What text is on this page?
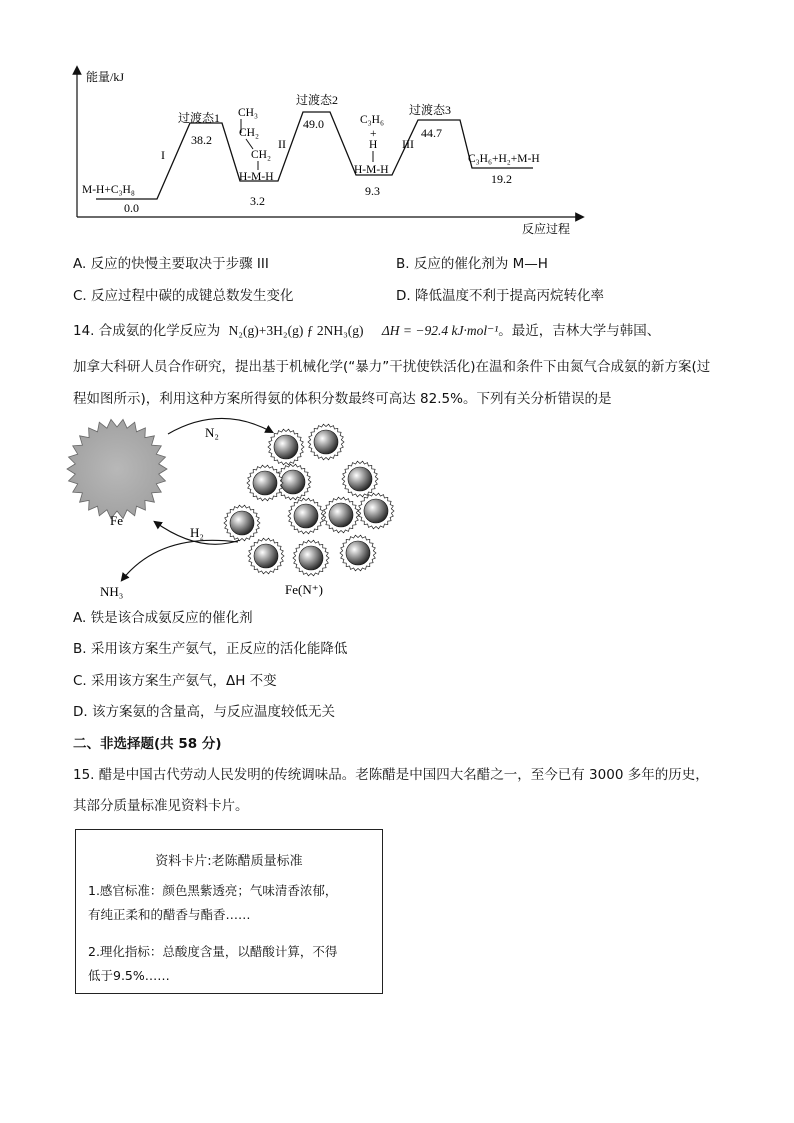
能量/kJ
反应过程
M-H+C₃H₈
0.0
过渡态1
38.2
I
CH₃
CH₂
CH₂
H-M-H
3.2
II
过渡态2
49.0	C₃H₆
+
H
H-M-H
9.3
III
过渡态3
44.7
C₃H₆+H₂+M-H
19.2
A. 反应的快慢主要取决于步骤 III	B. 反应的催化剂为 M—H
C. 反应过程中碳的成键总数发生变化	D. 降低温度不利于提高丙烷转化率
14. 合成氨的化学反应为 N₂(g)+3H₂(g) ƒ 2NH₃(g) ΔH = −92.4 kJ·mol⁻¹。最近，吉林大学与韩国、
加拿大科研人员合作研究，提出基于机械化学(“暴力”干扰使铁活化)在温和条件下由氮气合成氨的新方案(过
程如图所示)，利用这种方案所得氨的体积分数最终可高达 82.5%。下列有关分析错误的是
Fe
N₂
H₂
NH₃	Fe(N⁺)
A. 铁是该合成氨反应的催化剂
B. 采用该方案生产氨气，正反应的活化能降低
C. 采用该方案生产氨气，ΔH 不变
D. 该方案氨的含量高，与反应温度较低无关
二、非选择题(共 58 分)
15. 醋是中国古代劳动人民发明的传统调味品。老陈醋是中国四大名醋之一，至今已有 3000 多年的历史，
其部分质量标准见资料卡片。
资料卡片:老陈醋质量标准
1.感官标准：颜色黑紫透亮；气味清香浓郁，
有纯正柔和的醋香与酯香……
2.理化指标：总酸度含量，以醋酸计算，不得
低于9.5%……
